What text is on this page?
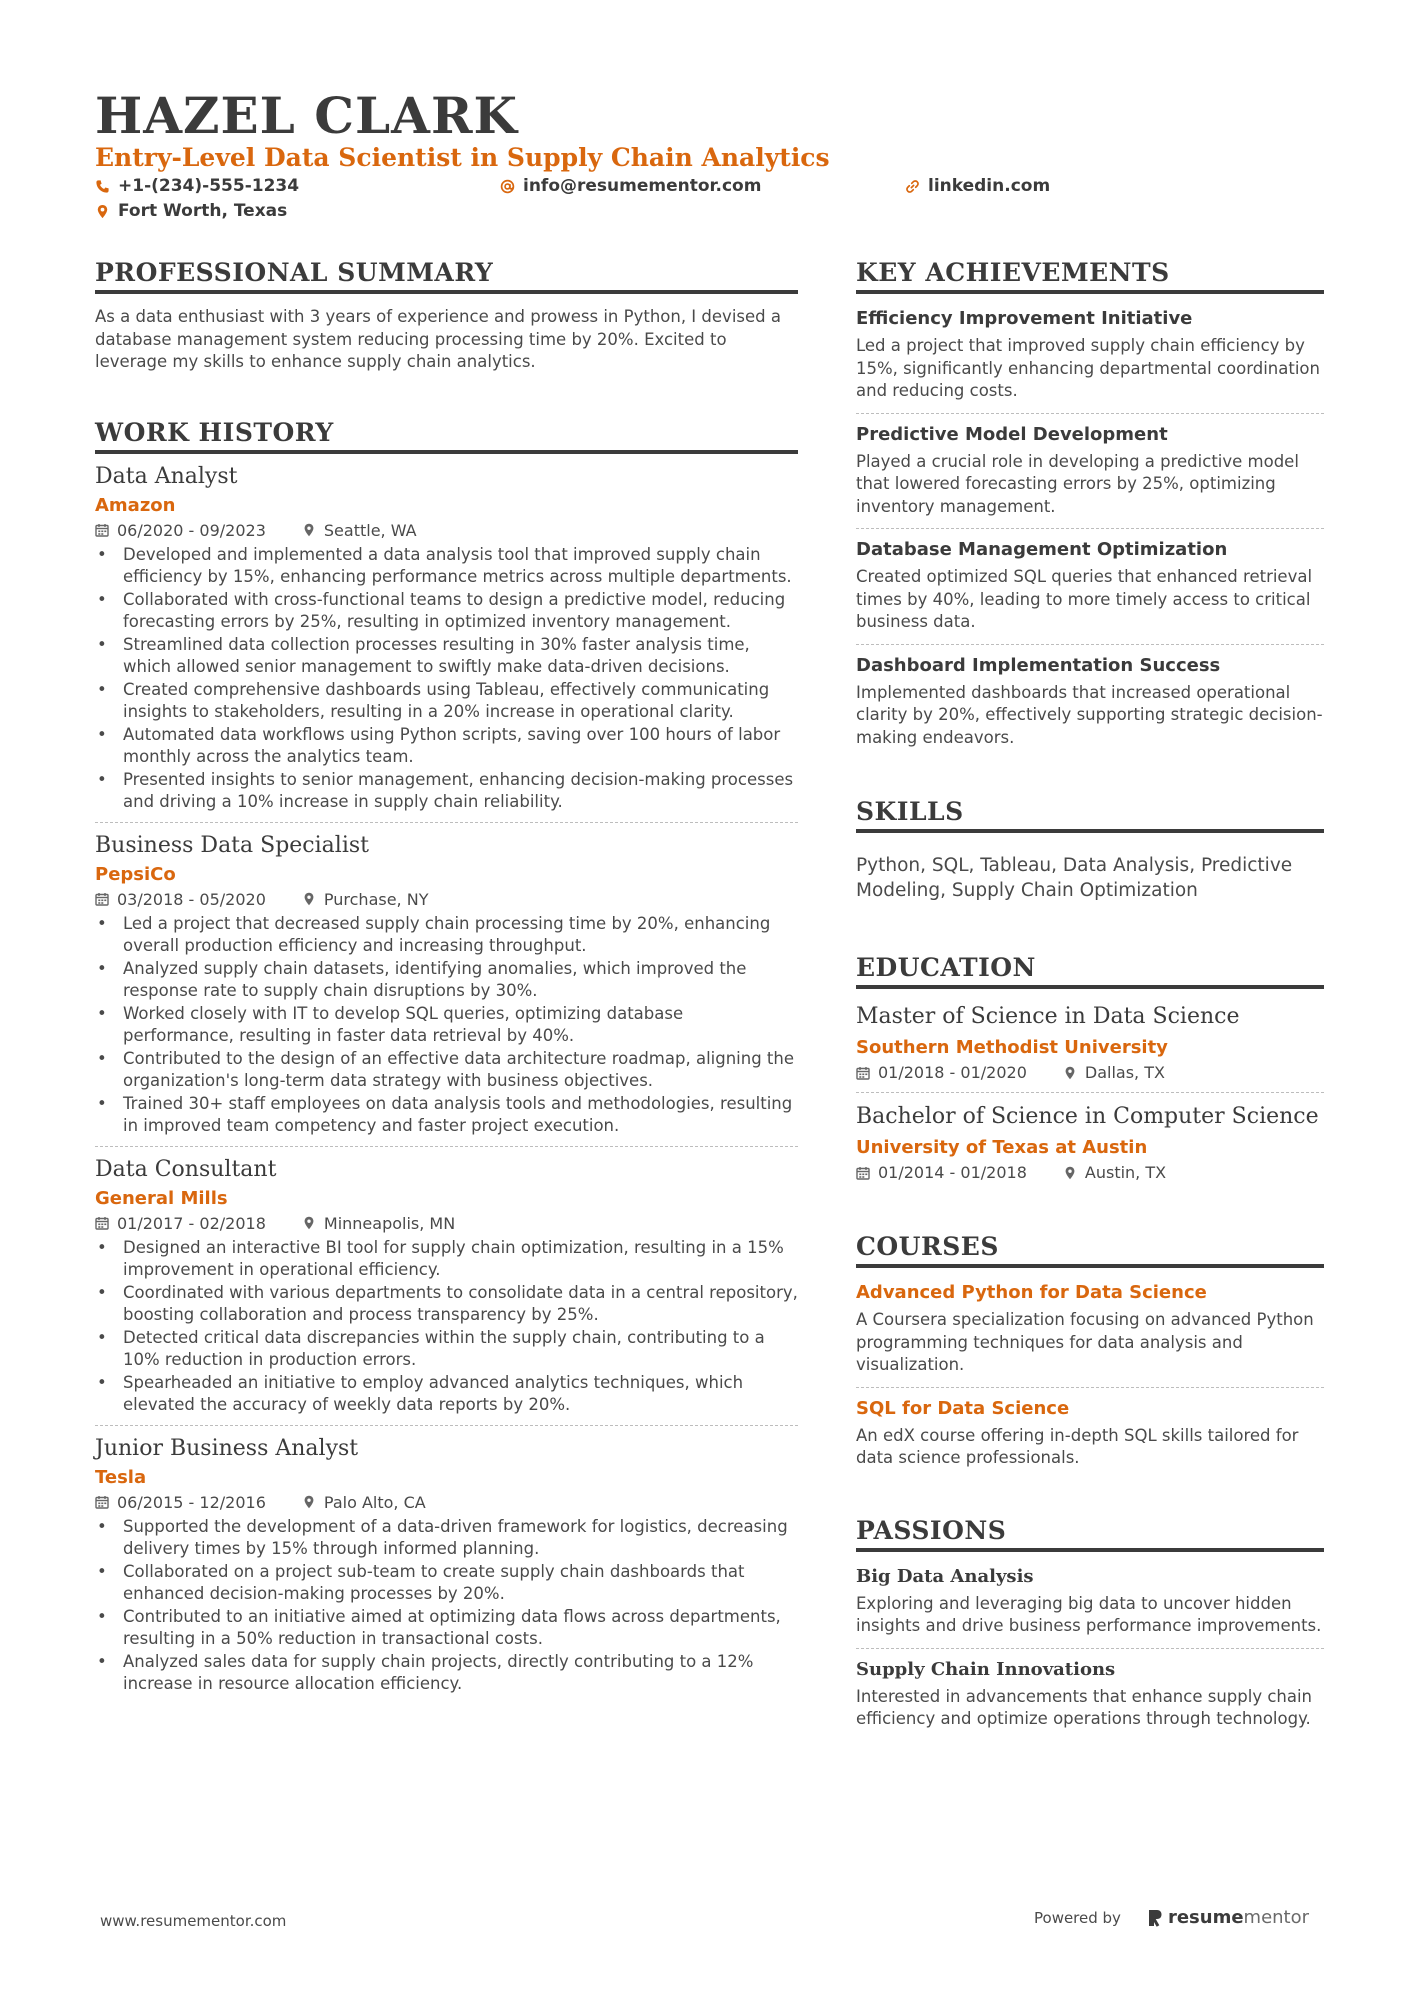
HAZEL CLARK
Entry-Level Data Scientist in Supply Chain Analytics
+1-(234)-555-1234	info@resumementor.com	linkedin.com
Fort Worth, Texas
PROFESSIONAL SUMMARY
As a data enthusiast with 3 years of experience and prowess in Python, I devised a database management system reducing processing time by 20%. Excited to leverage my skills to enhance supply chain analytics.
WORK HISTORY
Data Analyst
Amazon
06/2020 - 09/2023	Seattle, WA
• Developed and implemented a data analysis tool that improved supply chain efficiency by 15%, enhancing performance metrics across multiple departments.
• Collaborated with cross-functional teams to design a predictive model, reducing forecasting errors by 25%, resulting in optimized inventory management.
• Streamlined data collection processes resulting in 30% faster analysis time, which allowed senior management to swiftly make data-driven decisions.
• Created comprehensive dashboards using Tableau, effectively communicating insights to stakeholders, resulting in a 20% increase in operational clarity.
• Automated data workflows using Python scripts, saving over 100 hours of labor monthly across the analytics team.
• Presented insights to senior management, enhancing decision-making processes and driving a 10% increase in supply chain reliability.
Business Data Specialist
PepsiCo
03/2018 - 05/2020	Purchase, NY
• Led a project that decreased supply chain processing time by 20%, enhancing overall production efficiency and increasing throughput.
• Analyzed supply chain datasets, identifying anomalies, which improved the response rate to supply chain disruptions by 30%.
• Worked closely with IT to develop SQL queries, optimizing database performance, resulting in faster data retrieval by 40%.
• Contributed to the design of an effective data architecture roadmap, aligning the organization's long-term data strategy with business objectives.
• Trained 30+ staff employees on data analysis tools and methodologies, resulting in improved team competency and faster project execution.
Data Consultant
General Mills
01/2017 - 02/2018	Minneapolis, MN
• Designed an interactive BI tool for supply chain optimization, resulting in a 15% improvement in operational efficiency.
• Coordinated with various departments to consolidate data in a central repository, boosting collaboration and process transparency by 25%.
• Detected critical data discrepancies within the supply chain, contributing to a 10% reduction in production errors.
• Spearheaded an initiative to employ advanced analytics techniques, which elevated the accuracy of weekly data reports by 20%.
Junior Business Analyst
Tesla
06/2015 - 12/2016	Palo Alto, CA
• Supported the development of a data-driven framework for logistics, decreasing delivery times by 15% through informed planning.
• Collaborated on a project sub-team to create supply chain dashboards that enhanced decision-making processes by 20%.
• Contributed to an initiative aimed at optimizing data flows across departments, resulting in a 50% reduction in transactional costs.
• Analyzed sales data for supply chain projects, directly contributing to a 12% increase in resource allocation efficiency.
KEY ACHIEVEMENTS
Efficiency Improvement Initiative
Led a project that improved supply chain efficiency by 15%, significantly enhancing departmental coordination and reducing costs.
Predictive Model Development
Played a crucial role in developing a predictive model that lowered forecasting errors by 25%, optimizing inventory management.
Database Management Optimization
Created optimized SQL queries that enhanced retrieval times by 40%, leading to more timely access to critical business data.
Dashboard Implementation Success
Implemented dashboards that increased operational clarity by 20%, effectively supporting strategic decision-making endeavors.
SKILLS
Python, SQL, Tableau, Data Analysis, Predictive Modeling, Supply Chain Optimization
EDUCATION
Master of Science in Data Science
Southern Methodist University
01/2018 - 01/2020	Dallas, TX
Bachelor of Science in Computer Science
University of Texas at Austin
01/2014 - 01/2018	Austin, TX
COURSES
Advanced Python for Data Science
A Coursera specialization focusing on advanced Python programming techniques for data analysis and visualization.
SQL for Data Science
An edX course offering in-depth SQL skills tailored for data science professionals.
PASSIONS
Big Data Analysis
Exploring and leveraging big data to uncover hidden insights and drive business performance improvements.
Supply Chain Innovations
Interested in advancements that enhance supply chain efficiency and optimize operations through technology.
www.resumementor.com	Powered by	resume mentor
